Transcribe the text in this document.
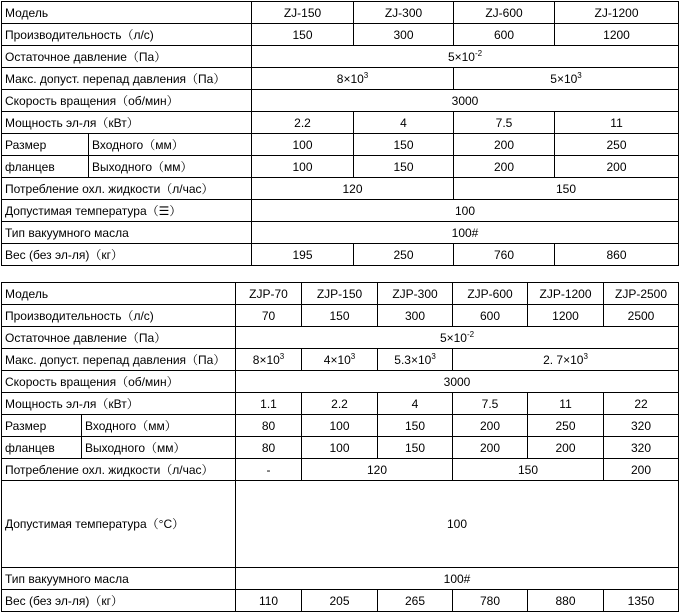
Модель		ZJ-150	ZJ-300	ZJ-600	ZJ-1200
Производительность（л/с)		150	300	600	1200
Остаточное давление（Па）		$5\times 10^{-2}$
Макс. допуст. перепад давления（Па）		$8\times 10^3$		$5\times 10^3$
Скорость вращения（об/мин）		3000			
Мощность эл-ля（кВт）		2.2	4	7.5	11
Размер	Входного（мм）	100	150	200	250
фланцев	Выходного（мм）	100	150	200	200
Потребление охл. жидкости（л/час）		120		150	
Допустимая температура（☰）		100			
Тип вакуумного масла		100#			
Вес (без эл-ля)（кг）		195	250	760	860
Модель		ZJP-70	ZJP-150	ZJP-300	ZJP-600	ZJP-1200	ZJP-2500
Производительность（л/с)		70	150	300	600	1200	2500
Остаточное давление（Па）		$5\times 10^{-2}$
Макс. допуст. перепад давления（Па）		$8\times 10^3$	$4\times 10^3$	$5.3\times 10^3$	2. $7\times 10^3$
Скорость вращения（об/мин）		3000					
Мощность эл-ля（кВт）		1.1	2.2	4	7.5	11	22
Размер	Входного（мм）	80	100	150	200	250	320
фланцев	Выходного（мм）	80	100	150	200	200	320
Потребление охл. жидкости（л/час）		-	120		150		200
Допустимая температура（°C）		100					
Тип вакуумного масла		100#					
Вес (без эл-ля)（кг）		110	205	265	780	880	1350
